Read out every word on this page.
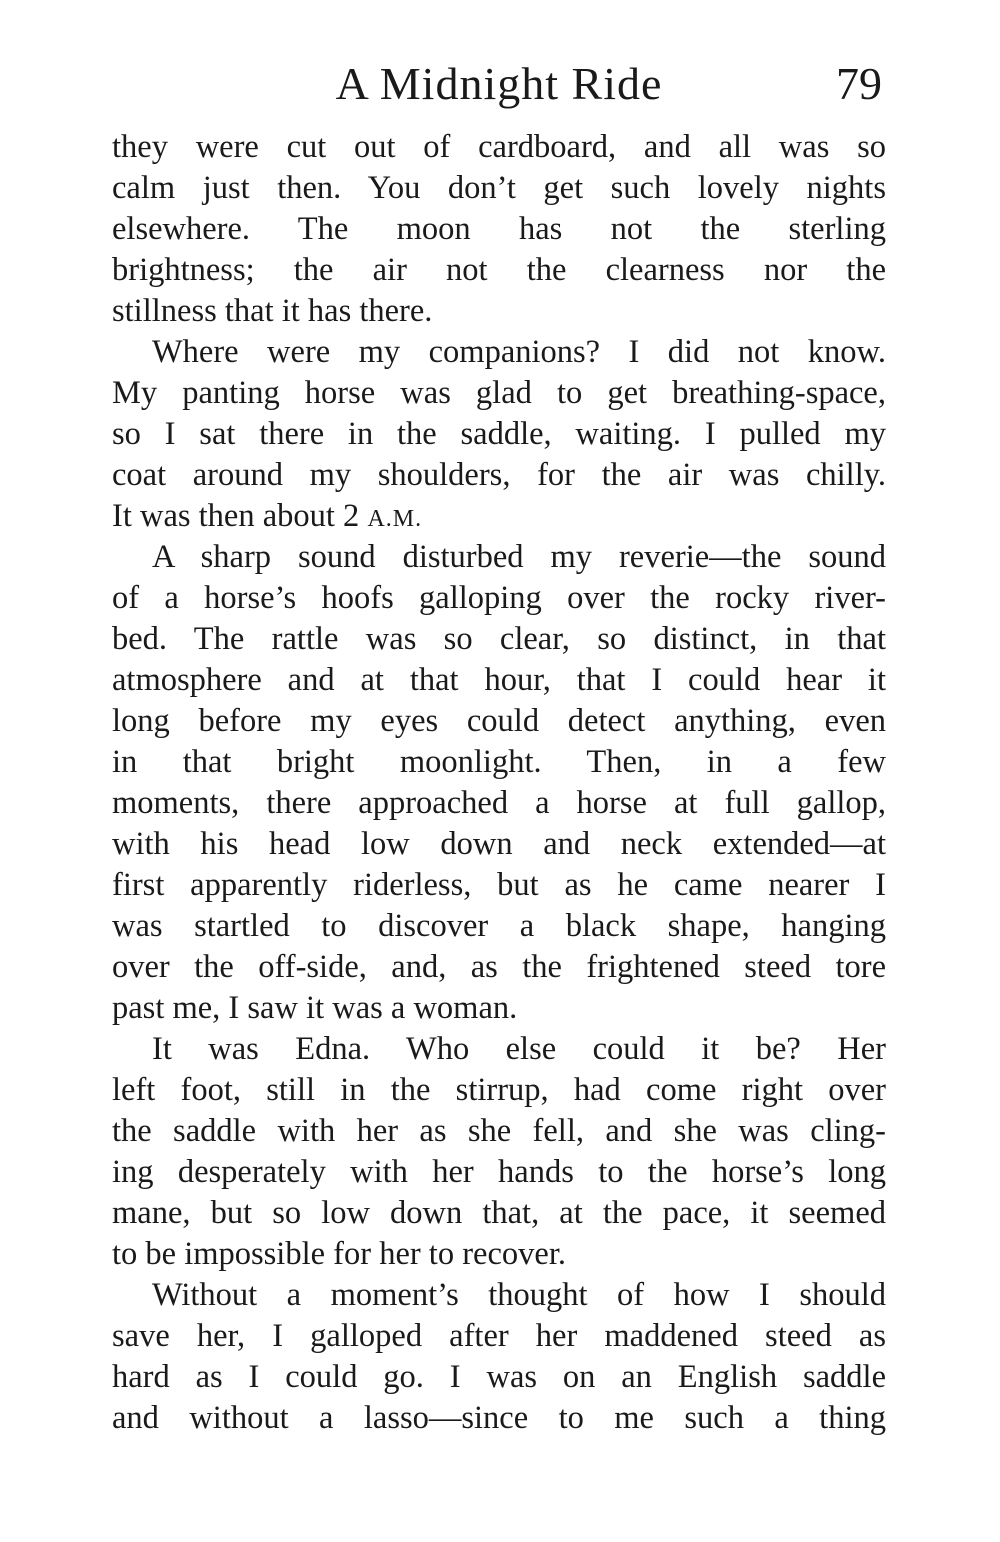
A Midnight Ride	79
they were cut out of cardboard, and all was so
calm just then. You don’t get such lovely nights
elsewhere. The moon has not the sterling
brightness; the air not the clearness nor the
stillness that it has there.
Where were my companions? I did not know.
My panting horse was glad to get breathing-space,
so I sat there in the saddle, waiting. I pulled my
coat around my shoulders, for the air was chilly.
It was then about 2 A.M.
A sharp sound disturbed my reverie—the sound
of a horse’s hoofs galloping over the rocky river-
bed. The rattle was so clear, so distinct, in that
atmosphere and at that hour, that I could hear it
long before my eyes could detect anything, even
in that bright moonlight. Then, in a few
moments, there approached a horse at full gallop,
with his head low down and neck extended—at
first apparently riderless, but as he came nearer I
was startled to discover a black shape, hanging
over the off-side, and, as the frightened steed tore
past me, I saw it was a woman.
It was Edna. Who else could it be? Her
left foot, still in the stirrup, had come right over
the saddle with her as she fell, and she was cling-
ing desperately with her hands to the horse’s long
mane, but so low down that, at the pace, it seemed
to be impossible for her to recover.
Without a moment’s thought of how I should
save her, I galloped after her maddened steed as
hard as I could go. I was on an English saddle
and without a lasso—since to me such a thing
